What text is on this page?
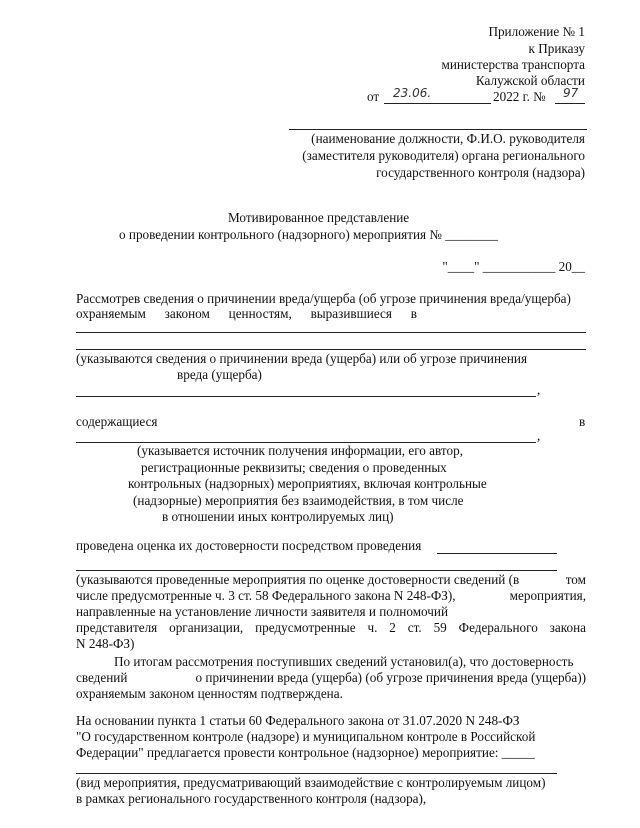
Приложение № 1
к Приказу
министерства транспорта
Калужской области
от 23.06.	2022 г. № 97
(наименование должности, Ф.И.О. руководителя
(заместителя руководителя) органа регионального
государственного контроля (надзора)
Мотивированное представление
о проведении контрольного (надзорного) мероприятия № ________
"____" ___________ 20__
Рассмотрев сведения о причинении вреда/ущерба (об угрозе причинения вреда/ущерба)
охраняемым законом ценностям, выразившиеся в
(указываются сведения о причинении вреда (ущерба) или об угрозе причинения
вреда (ущерба)
,
содержащиеся	в
,
(указывается источник получения информации, его автор,
регистрационные реквизиты; сведения о проведенных
контрольных (надзорных) мероприятиях, включая контрольные
(надзорные) мероприятия без взаимодействия, в том числе
в отношении иных контролируемых лиц)
проведена оценка их достоверности посредством проведения
(указываются проведенные мероприятия по оценке достоверности сведений (в	том
числе предусмотренные ч. 3 ст. 58 Федерального закона N 248-ФЗ),	мероприятия,
направленные на установление личности заявителя и полномочий
представителя организации, предусмотренные ч. 2 ст. 59 Федерального закона
N 248-ФЗ)
По итогам рассмотрения поступивших сведений установил(а), что достоверность
сведений	о причинении вреда (ущерба) (об угрозе причинения вреда (ущерба))
охраняемым законом ценностям подтверждена.
На основании пункта 1 статьи 60 Федерального закона от 31.07.2020 N 248-ФЗ
"О государственном контроле (надзоре) и муниципальном контроле в Российской
Федерации" предлагается провести контрольное (надзорное) мероприятие: _____
(вид мероприятия, предусматривающий взаимодействие с контролируемым лицом)
в рамках регионального государственного контроля (надзора),
